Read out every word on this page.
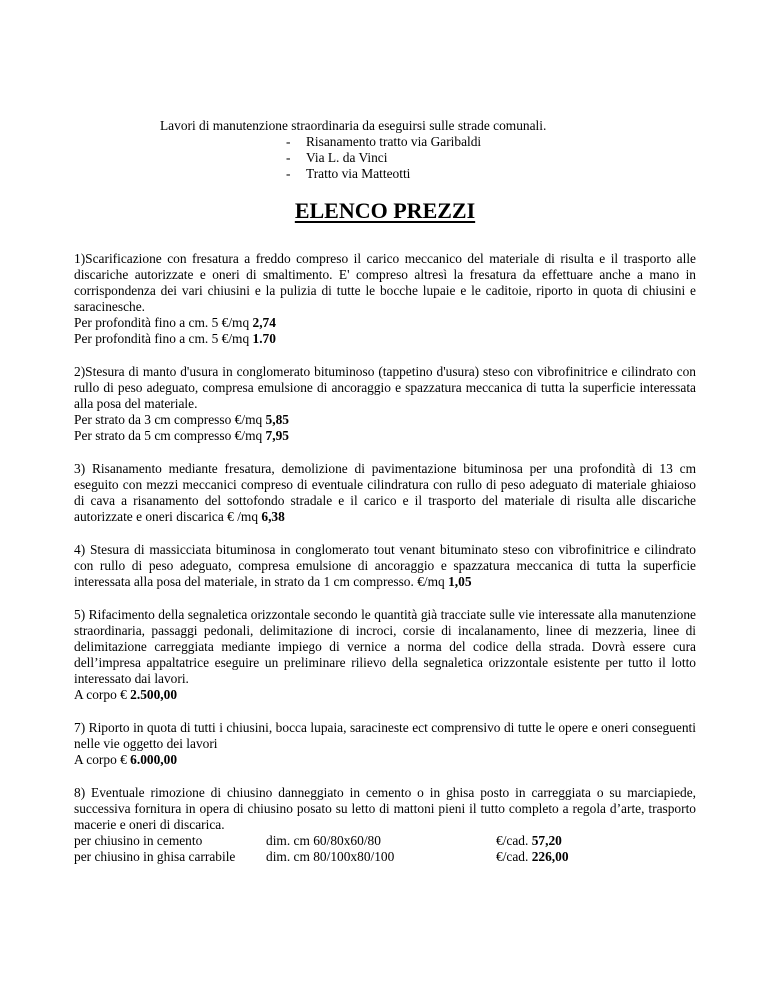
Lavori di manutenzione straordinaria da eseguirsi sulle strade comunali.
- Risanamento tratto via Garibaldi
- Via L. da Vinci
- Tratto via Matteotti
ELENCO PREZZI

1)Scarificazione con fresatura a freddo compreso il carico meccanico del materiale di risulta e il trasporto alle discariche autorizzate e oneri di smaltimento. E' compreso altresì la fresatura da effettuare anche a mano in corrispondenza dei vari chiusini e la pulizia di tutte le bocche lupaie e le caditoie, riporto in quota di chiusini e saracinesche.

Per profondità fino a cm. 5 €/mq 2,74
Per profondità fino a cm. 5 €/mq 1.70

2)Stesura di manto d'usura in conglomerato bituminoso (tappetino d'usura) steso con vibrofinitrice e cilindrato con rullo di peso adeguato, compresa emulsione di ancoraggio e spazzatura meccanica di tutta la superficie interessata alla posa del materiale.

Per strato da 3 cm compresso €/mq 5,85
Per strato da 5 cm compresso €/mq 7,95

3) Risanamento mediante fresatura, demolizione di pavimentazione bituminosa per una profondità di 13 cm eseguito con mezzi meccanici compreso di eventuale cilindratura con rullo di peso adeguato di materiale ghiaioso di cava a risanamento del sottofondo stradale e il carico e il trasporto del materiale di risulta alle discariche autorizzate e oneri discarica € /mq 6,38

4) Stesura di massicciata bituminosa in conglomerato tout venant bituminato steso con vibrofinitrice e cilindrato con rullo di peso adeguato, compresa emulsione di ancoraggio e spazzatura meccanica di tutta la superficie interessata alla posa del materiale, in strato da 1 cm compresso. €/mq 1,05

5) Rifacimento della segnaletica orizzontale secondo le quantità già tracciate sulle vie interessate alla manutenzione straordinaria, passaggi pedonali, delimitazione di incroci, corsie di incalanamento, linee di mezzeria, linee di delimitazione carreggiata mediante impiego di vernice a norma del codice della strada. Dovrà essere cura dell’impresa appaltatrice eseguire un preliminare rilievo della segnaletica orizzontale esistente per tutto il lotto interessato dai lavori.

A corpo € 2.500,00

7) Riporto in quota di tutti i chiusini, bocca lupaia, saracineste ect comprensivo di tutte le opere e oneri conseguenti nelle vie oggetto dei lavori

A corpo € 6.000,00

8) Eventuale rimozione di chiusino danneggiato in cemento o in ghisa posto in carreggiata o su marciapiede, successiva fornitura in opera di chiusino posato su letto di mattoni pieni il tutto completo a regola d’arte, trasporto macerie e oneri di discarica.

per chiusino in cemento	dim. cm 60/80x60/80	€/cad. 57,20
per chiusino in ghisa carrabile	dim. cm 80/100x80/100	€/cad. 226,00
